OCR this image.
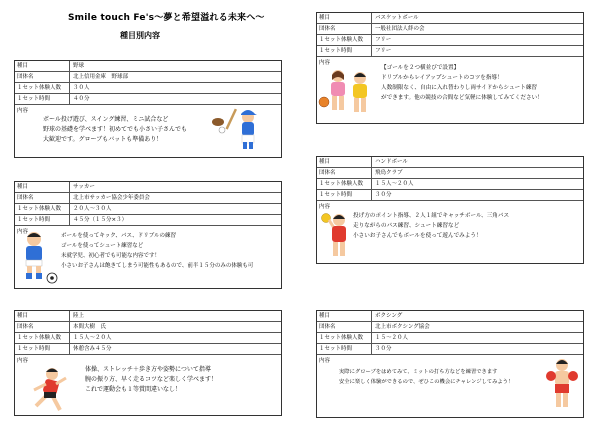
Smile touch Fe's～夢と希望溢れる未来へ～
種目別内容
種目	野球
団体名	北上信用金庫　野球部
１セット体験人数	３０人
１セット時間	４０分
内容
ボール投げ遊び、スイング練習、ミニ試合など
野球の基礎を学べます！初めてでも小さい子さんでも
大歓迎です。グローブもバットも準備あり！
種目	サッカー
団体名	北上市サッカー協会少年委員会
１セット体験人数	２０人～３０人
１セット時間	４５分（１５分×３）
内容
ボールを使ってキック、パス、ドリブルの練習
ゴールを使ってシュート練習など
未就学児、初心者でも可能な内容です！
小さいお子さんは飽きてしまう可能性もあるので、前半１５分のみの体験も可
種目	陸上
団体名	本間大樹　氏
１セット体験人数	１５人～２０人
１セット時間	休憩含み４５分
内容
体操、ストレッチ＋歩き方や姿勢について指導
腕の振り方、早く走るコツなど楽しく学べます！
これで運動会も１等賞間違いなし！
種目	バスケットボール
団体名	一般社団法人絆の会
１セット体験人数	フリー
１セット時間	フリー
内容
【ゴールを２つ横並びで設置】
ドリブルからレイアップシュートのコツを指導！
人数制限なく、自由に入れ替わりし両サイドからシュート練習
ができます。他の競技の合間など気軽に体験してみてください！
種目	ハンドボール
団体名	飛鳥クラブ
１セット体験人数	１５人～２０人
１セット時間	３０分
内容
投げ方のポイント指導、２人１組でキャッチボール、三角パス
走りながらのパス練習、シュート練習など
小さいお子さんでもボールを使って遊んでみよう！
種目	ボクシング
団体名	北上市ボクシング協会
１セット体験人数	１５～２０人
１セット時間	３０分
内容
実際にグローブをはめてみて、ミットの打ち方などを練習できます
安全に楽しく体験ができるので、ぜひこの機会にチャレンジしてみよう！
